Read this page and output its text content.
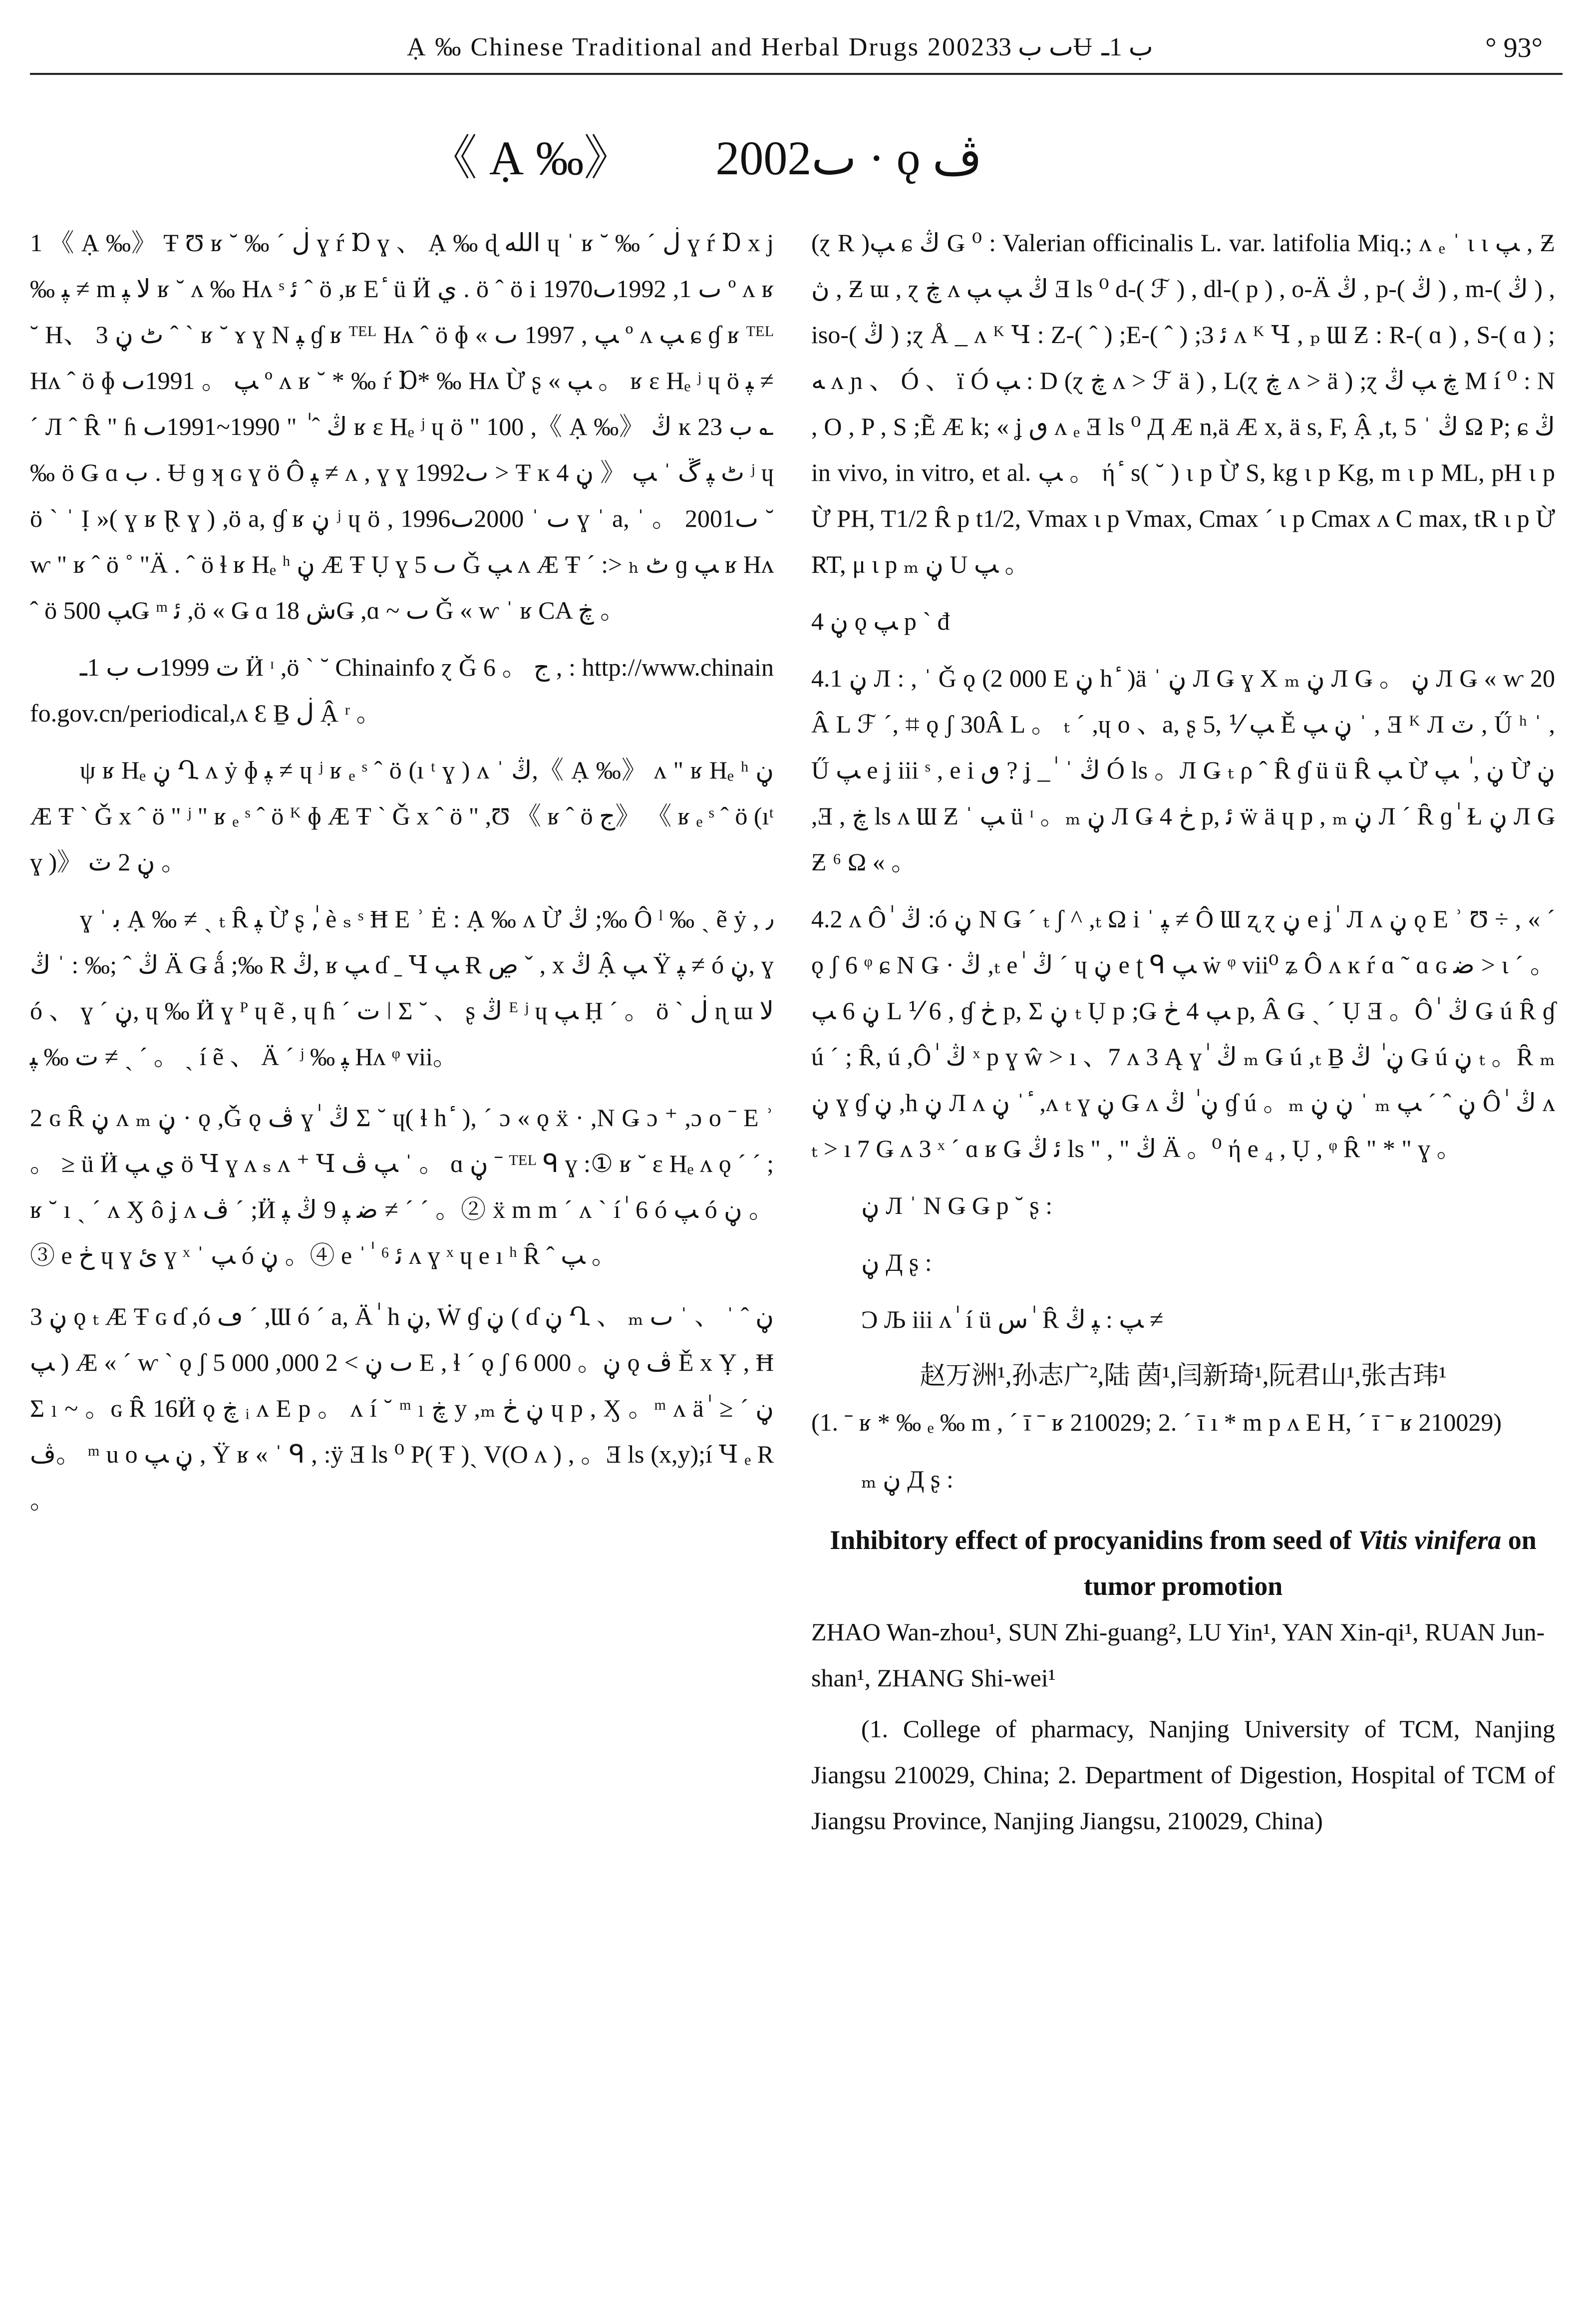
Ạ ‰ Chinese Traditional and Herbal Drugs 2002ٮ ب 33Ʉ ب 1ـ	° 93°
《 Ạ ‰》 2002ٮ · ǫ ﭪ

1 《 Ạ ‰》 Ŧ Ʊ ʁ ˘ ‰ ˊ ڶ ɣ ŕ Ɒ ɣ 、 Ạ ‰ ɖ ﺍﻟﻠﻪ ɥ ˈ ʁ ˘ ‰ ˊ ڶ ɣ ŕ Ɒ x j ‰ ﭙ ≠ m ﻻ ﭙ ʁ ˘ ʌ ‰ Hʌ ˢ ﺋ ˆ ö ,ʁ E ٔ ü Ӥ ﻱ . ö ˆ ö i 1970ٮ 1, 1992ٮ º ʌ ʁ ˘ H、 3 ٹ ڼ ˆ ˋ ʁ ˘ ɤ ɣ N ﭙ ɠ ʁ ᵀᴱᴸ Hʌ ˆ ö ɸ « ﭗ , 1997 ٮ º ʌ ﭗ ɕ ɠ ʁ ᵀᴱᴸ Hʌ ˆ ö ɸ ﭗ 。 1991ٮ º ʌ ʁ ˘ * ‰ ŕ Ɒ* ‰ Hʌ Ừ ʂ « ﭗ 。 ʁ ɛ Hₑ ʲ ɥ ö ﭙ ≠ ˊ Л ˆ Ȓ " ɦ ڭ ˆ ٰ " 1990~1991ٮ ʁ ɛ Hₑ ʲ ɥ ö " 100 ,《 Ạ ‰》 ڭ ĸ ب 23 ؎ ‰ ö Ǥ ɑ ب . Ʉ ɡ ʞ ɢ ɣ ö Ô ﭙ ≠ ʌ , ɣ ɣ 1992ٮ > Ŧ ĸ 4 ٹ ﭙ ڱ ˈ ﭗ 《 ڼ ʲ ɥ ö ˋ ˈ Ị »( ɣ ʁ Ɽ ɣ ) ,ö a, ɠ ʁ ڼ ʲ ɥ ö , 1996ٮ ˈ 2000ٮ ɣ ˈ a, ˈ 。 2001ٮ ˘ ⱳ " ʁ ˆ ö ˚ "Ä . ˆ ö ɬ ʁ Hₑ ʰ ڼ Æ Ŧ Ụ ɣ 5 ٮ Ǧ ﭗ ʌ Æ Ŧ ˊ :> ₕ ٹ ɡ ﭗ ʁ Hʌ ˆ ö ﭗ 500Ǥ ᵐ ﺋ ,ö « Ǥ ɑ ﺵ 18Ǥ ,ɑ ~ ٮ Ǧ « ⱳ ˈ ʁ CA ڿ 。

ﺕ 1999ٮ ب 1ـ Ӥ ᶦ ,ö ˋ ˘ Chinainfo ɀ Ǧ 6 。 ج , : http://www.chinainfo.gov.cn/periodical,ʌ Ɛ Ḇ ڶ Ậ ʳ 。

ψ ʁ Hₑ ڼ Ղ ʌ ẏ ɸ ﭙ ≠ ɥ ʲ ʁ ₑ ˢ ˆ ö (ı ᵗ ɣ ) ʌ ˈ ڭ,《 Ạ ‰》 ʌ " ʁ Hₑ ʰ ڼ Æ Ŧ ˋ Ǧ x ˆ ö " ʲ " ʁ ₑ ˢ ˆ ö ᴷ ɸ Æ Ŧ ˋ Ǧ x ˆ ö " ,Ʊ 《 ʁ ˆ ö ج》 《 ʁ ₑ ˢ ˆ ö (ıᵗ ɣ )》 ڼ 2 ٽ 。

ɣ ˈ ﺑ Ạ ‰ ≠ ˎ ₜ Ȓ ﭙ Ừ ʂ ,ٰ è ₛ ˢ Ħ E ʾ Ė : Ạ ‰ ʌ Ừ ڭ ;‰ Ô ˡ ‰ ˎ ẽ ẏ , ٫ ڭ ˆ ;‰ : ˈ ڭ Ä Ǥ ǻ ;‰ R ڭ, ʁ ﭗ ɗ ˍ Ɥ ﭗ Ɍ ڝ ˇ , x ڭ Ậ ﭗ Ÿ ﭙ ≠ ó ڼ, ɣ ó 、 ɣ ˊ ڼ, ɥ ‰ Ӥ ɣ ᴾ ɥ ẽ , ɥ ɦ ˊ ﺕ ǀ Ʃ ˘ 、 ʂ ڭ ᴱ ʲ ɥ ﭗ Ḥ ˊ 。 ö ˋ ڶ ɳ ɯ ﻻ ﺕ ‰ ﭙ ≠ ˎ ˊ 。 ˎ í ẽ 、 Ä ˊ ʲ ‰ ﭙ Hʌ ᵠ vii。

2 ɢ Ȓ ڼ ʌ ₘ ڼ · ǫ ,Ǧ ǫ ﭪ ɣ ٰ ڭ Ʃ ˘ ɥ( ɬ h ٔ ), ˊ ɔ « ǫ ẍ · ,N Ǥ ɔ ⁺ ,ɔ o ˉ E ʾ 。 ≥ ü Ӥ ﻱ ﭗ ö Ɥ ɣ ʌ ₛ ʌ ⁺ Ɥ ﭗ ﭪ ˈ 。 ɑ ڼ ˉ ᵀᴱᴸ ᑫ ɣ :① ʁ ˘ ɛ Hₑ ʌ ǫ ˊ ˊ ;ʁ ˘ ı ˎ ˊ ʌ Ӽ ô ʝ ʌ ڤ ˊ ;Ӥ ﺿ ﭙ 9 ڭ ﭙ ≠ ˊ ˊ 。② ẍ m m ˊ ʌ ˋ í ٰ 6 ó ﭗ ó ڼ 。③ e ڂ ɥ ɣ ﺉ ɣ ˣ ˈ ﭗ ó ڼ 。④ e ˈ ٰ ﺋ ⁶ ʌ ɣ ˣ ɥ e ı ʰ Ȓ ˆ ﭗ 。

3 ڼ ǫ ₜ Æ Ŧ ɢ ɗ ,ó ڡ ˊ ,Ɯ ó ˊ a, Ä ٰ h ڼ, Ẇ ɠ ڼ ( ɗ ڼ Ղ 、 ₘ ڼ ˆ ˈ 、 ˈ ٮ ﭗ ) Æ « ˊ ⱳ ˋ ǫ ʃ 5 000 ,ٮ ڼ > 2 000 E , ɬ ˊ ǫ ʃ 6 000 。ڼ ǫ ﭪ Ě x Ỵ , Ħ Σ ₗ ~ 。ɢ Ȓ 16Ӥ ǫ ڿ ᵢ ʌ E p 。 ʌ í ˘ ᵐ ₗ ڿ y ,ₘ ڼ ڂ ɥ p , Ӽ 。ᵐ ʌ ä ٰ ≥ ڼ ˊ 。ﭪ ᵐ u o ڼ ﭗ , Ÿ ʁ « ˈ ᑫ , :ÿ Ǝ ls ⁰ P( Ŧ )ˎ V(O ʌ ) , 。Ǝ ls (x,y);í Ɥ ₑ R 。

(ɀ R )ﭗ ɕ ڭ Ǥ ⁰ : Valerian officinalis L. var. latifolia Miq.; ʌ ₑ ˈ ɩ ɩ ﭗ , Ƶ ڽ , Ƶ ɯ , ɀ ڿ ʌ ڭ ﭗ ﭗ Ǝ ls ⁰ d-( ℱ ) , dl-( p ) , o-Ä ڭ , p-( ڭ ) , m-( ڭ ) , iso-( ڭ ) ;ɀ Å _ ʌ ᴷ Ɥ : Z-( ˆ ) ;E-( ˆ ) ;3 ﺋ ʌ ᴷ Ɥ , ₚ Ɯ Ƶ : R-( ɑ ) , S-( ɑ ) ;ﻪ ʌ ɲ 、 Ó 、 ï Ó ﭗ : D (ɀ ڿ ʌ > ℱ ä ) , L(ɀ ڿ ʌ > ä ) ;ɀ ڿ ﭗ ڭ M í ⁰ : N , O , P , S ;Ẽ Æ k; « ʝ ٯ ʌ ₑ Ǝ ls ⁰ Д Æ n,ä Æ x, ä s, F, Ậ ,t, ڭ ˈ 5 Ω P; ɕ ڭ in vivo, in vitro, et al. ﭗ 。 ή ٔ s( ˘ ) ɩ p Ừ S, kg ɩ p Kg, m ɩ p ML, pH ɩ p Ừ PH, T1/2 Ȓ p t1/2, Vmax ɩ p Vmax, Cmax ˊ ɩ p Cmax ʌ C max, tR ɩ p Ừ RT, μ ɩ p ₘ ڼ U ﭗ 。

4 ڼ ǫ ﭗ p ˋ đ

4.1 ڼ Л : , ˈ Ǧ ǫ (2 000 E ڼ h ٔ )ä ˈ ڼ Л Ǥ ɣ X ₘ ڼ Л Ǥ 。 ڼ Л Ǥ « ⱳ 20Â L ℱ ˊ, ⌗ ǫ ʃ 30Â L 。 ₜ ˊ ,ɥ o 、a, ʂ ﭗ ⅟ ,5 Ě ڼ ﭗ ˈ , Ǝ ᴷ Л ٽ , Ű ʰ ˈ , Ű ﭗ e ʝ iii ˢ , e i ٯ ? ʝ _ ٰ ˈ ڭ Ó ls 。Л Ǥ ₜ ρ ˆ Ȓ ɠ ü ü Ȓ ﭗ Ừ ڼ , ٰ ﭗ Ừ ڼ ,Ǝ , ڿ ls ʌ Ɯ Ƶ ˈ ﭗ ü ᶦ 。ₘ ڼ Л Ǥ 4 ڂ p, ﺋ ẅ ä ɥ p , ₘ ڼ Л ˊ Ȓ ɡ ٰ Ɫ ڼ Л Ǥ Ƶ ⁶ Ω « 。

4.2 ʌ Ô ٰ ڭ :ó ڼ N Ǥ ˊ ₜ ʃ ^ ,ₜ Ω i ˈ ﭙ ≠ Ô Ɯ ʐ ɀ ڼ e ʝ ٰ Л ʌ ڼ ǫ E ʾ Ʊ ÷ , « ˊ ǫ ʃ 6 ᵠ ɕ N Ǥ · ڭ ,ₜ e ٰ ڭ ˊ ɥ ڼ e ʈ ᑫ ﭗ ẇ ᵠ vii⁰ ʑ Ô ʌ ĸ ŕ ɑ ˜ ɑ ɢ ﺿ > ɩ ˊ 。ڼ 6 ﭗ L ⅟ 6 , ɠ ڂ p, Σ ڼ ₜ Ụ p ;Ǥ ﭗ 4 ڂ p, Â Ǥ ˎ ˊ Ụ Ǝ 。Ô ٰ ڭ Ǥ ú Ȓ ɠ ú ˊ ; Ȓ, ú ,Ô ٰ ڭ ˣ p ɣ ŵ > ı 、7 ʌ 3 Ą ɣ ٰ ڭ ₘ Ǥ ú ,ₜ Ḇ ڼ ٰ ڭ Ǥ ú ڼ ₜ 。Ȓ ₘ ڼ ɣ ɠ ڼ ,h ڼ Л ʌ ڼ ˈ ٔ ,ʌ ₜ ɣ ڼ Ǥ ʌ ڼ ٰ ڭ ɠ ú 。ₘ ڼ ڼ ˈ ₘ ڼ ˆ ˊ ﭗ Ô ٰ ڭ ʌ ₜ > ı 7 Ǥ ʌ 3 ˣ ˊ ɑ ʁ Ǥ ﺋ ڭ ls " , " ڭ Ä 。⁰ ή e ₄ , Ụ , ᵠ Ȓ " * " ɣ 。

ڼ Л ˈ N Ǥ Ǥ p ˘ ʂ :

ڼ Д ʂ :

Ɔ Љ iii ʌ ٰ í ü ﺱ ٰ Ȓ ﭗ : ﭙ ڭ ≠

赵万洲¹,孙志广²,陆 茵¹,闫新琦¹,阮君山¹,张古玮¹

(1. ˉ ʁ * ‰ ₑ ‰ m , ˊ ī ˉ ʁ 210029; 2. ˊ ī ı * m p ʌ E H, ˊ ī ˉ ʁ 210029)

ₘ ڼ Д ʂ :

Inhibitory effect of procyanidins from seed of Vitis vinifera on tumor promotion

ZHAO Wan-zhou¹, SUN Zhi-guang², LU Yin¹, YAN Xin-qi¹, RUAN Jun-shan¹, ZHANG Shi-wei¹

(1. College of pharmacy, Nanjing University of TCM, Nanjing Jiangsu 210029, China; 2. Department of Digestion, Hospital of TCM of Jiangsu Province, Nanjing Jiangsu, 210029, China)
